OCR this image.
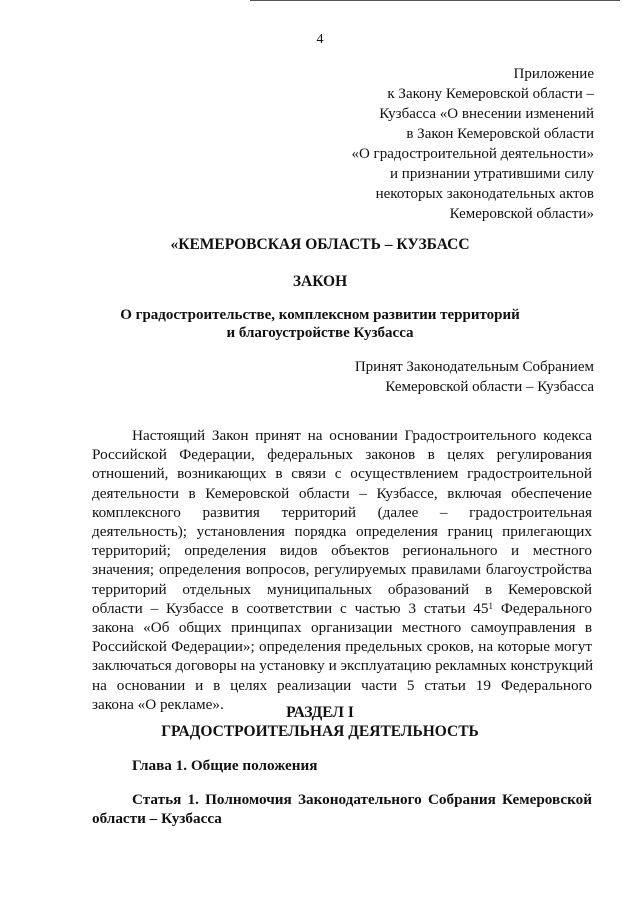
4
Приложение
к Закону Кемеровской области –
Кузбасса «О внесении изменений
в Закон Кемеровской области
«О градостроительной деятельности»
и признании утратившими силу
некоторых законодательных актов
Кемеровской области»
«КЕМЕРОВСКАЯ ОБЛАСТЬ – КУЗБАСС
ЗАКОН
О градостроительстве, комплексном развитии территорий
и благоустройстве Кузбасса
Принят Законодательным Собранием
Кемеровской области – Кузбасса
Настоящий Закон принят на основании Градостроительного кодекса
Российской Федерации, федеральных законов в целях регулирования
отношений, возникающих в связи с осуществлением градостроительной
деятельности в Кемеровской области – Кузбассе, включая обеспечение
комплексного развития территорий (далее – градостроительная
деятельность); установления порядка определения границ прилегающих
территорий; определения видов объектов регионального и местного
значения; определения вопросов, регулируемых правилами благоустройства
территорий отдельных муниципальных образований в Кемеровской
области – Кузбассе в соответствии с частью 3 статьи $45^1$ Федерального
закона «Об общих принципах организации местного самоуправления в
Российской Федерации»; определения предельных сроков, на которые могут
заключаться договоры на установку и эксплуатацию рекламных конструкций
на основании и в целях реализации части 5 статьи 19 Федерального
закона «О рекламе».	РАЗДЕЛ I
ГРАДОСТРОИТЕЛЬНАЯ ДЕЯТЕЛЬНОСТЬ
Глава 1. Общие положения
Статья 1. Полномочия Законодательного Собрания Кемеровской
области – Кузбасса
